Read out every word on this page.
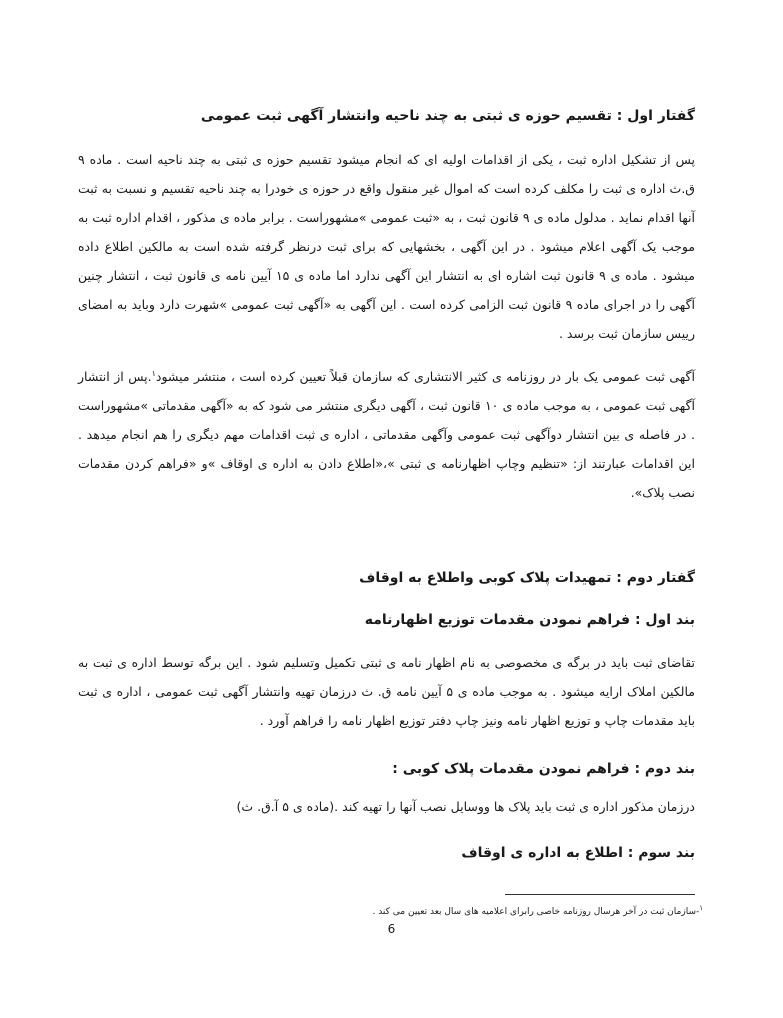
گفتار اول : تقسیم حوزه ی ثبتی به چند ناحیه وانتشار آگهی ثبت عمومی

پس از تشکیل اداره ثبت ، یکی از اقدامات اولیه ای که انجام میشود تقسیم حوزه ی ثبتی به چند ناحیه است . ماده ۹ ق.ث اداره ی ثبت را مکلف کرده است که اموال غیر منقول واقع در حوزه ی خودرا به چند ناحیه تقسیم و نسبت به ثبت آنها اقدام نماید . مدلول ماده ی ۹ قانون ثبت ، به «ثبت عمومی »مشهوراست . برابر ماده ی مذکور ، اقدام اداره ثبت به موجب یک آگهی اعلام میشود . در این آگهی ، بخشهایی که برای ثبت درنظر گرفته شده است به مالکین اطلاع داده میشود . ماده ی ۹ قانون ثبت اشاره ای به انتشار این آگهی ندارد اما ماده ی ۱۵ آیین نامه ی قانون ثبت ، انتشار چنین آگهی را در اجرای ماده ۹ قانون ثبت الزامی کرده است . این آگهی به «آگهی ثبت عمومی »شهرت دارد وباید به امضای رییس سازمان ثبت برسد .

آگهی ثبت عمومی یک بار در روزنامه ی کثیر الانتشاری که سازمان قبلاً تعیین کرده است ، منتشر میشود$^۱$.پس از انتشار آگهی ثبت عمومی ، به موجب ماده ی ۱۰ قانون ثبت ، آگهی دیگری منتشر می شود که به «آگهی مقدماتی »مشهوراست . در فاصله ی بین انتشار دوآگهی ثبت عمومی وآگهی مقدماتی ، اداره ی ثبت اقدامات مهم دیگری را هم انجام میدهد . این اقدامات عبارتند از: «تنظیم وچاپ اظهارنامه ی ثبتی »،«اطلاع دادن به اداره ی اوقاف »و «فراهم کردن مقدمات نصب پلاک».

گفتار دوم : تمهیدات پلاک کوبی واطلاع به اوقاف
بند اول : فراهم نمودن مقدمات توزیع اظهارنامه

تقاضای ثبت باید در برگه ی مخصوصی به نام اظهار نامه ی ثبتی تکمیل وتسلیم شود . این برگه توسط اداره ی ثبت به مالکین املاک ارایه میشود . به موجب ماده ی ۵ آیین نامه ق. ث درزمان تهیه وانتشار آگهی ثبت عمومی ، اداره ی ثبت باید مقدمات چاپ و توزیع اظهار نامه ونیز چاپ دفتر توزیع اظهار نامه را فراهم آورد .

بند دوم : فراهم نمودن مقدمات پلاک کوبی :

درزمان مذکور اداره ی ثبت باید پلاک ها ووسایل نصب آنها را تهیه کند .(ماده ی ۵ آ.ق. ث)

بند سوم : اطلاع به اداره ی اوقاف

$^۱$-سازمان ثبت در آخر هرسال روزنامه خاصی رابرای اعلامیه های سال بعد تعیین می کند .

6
